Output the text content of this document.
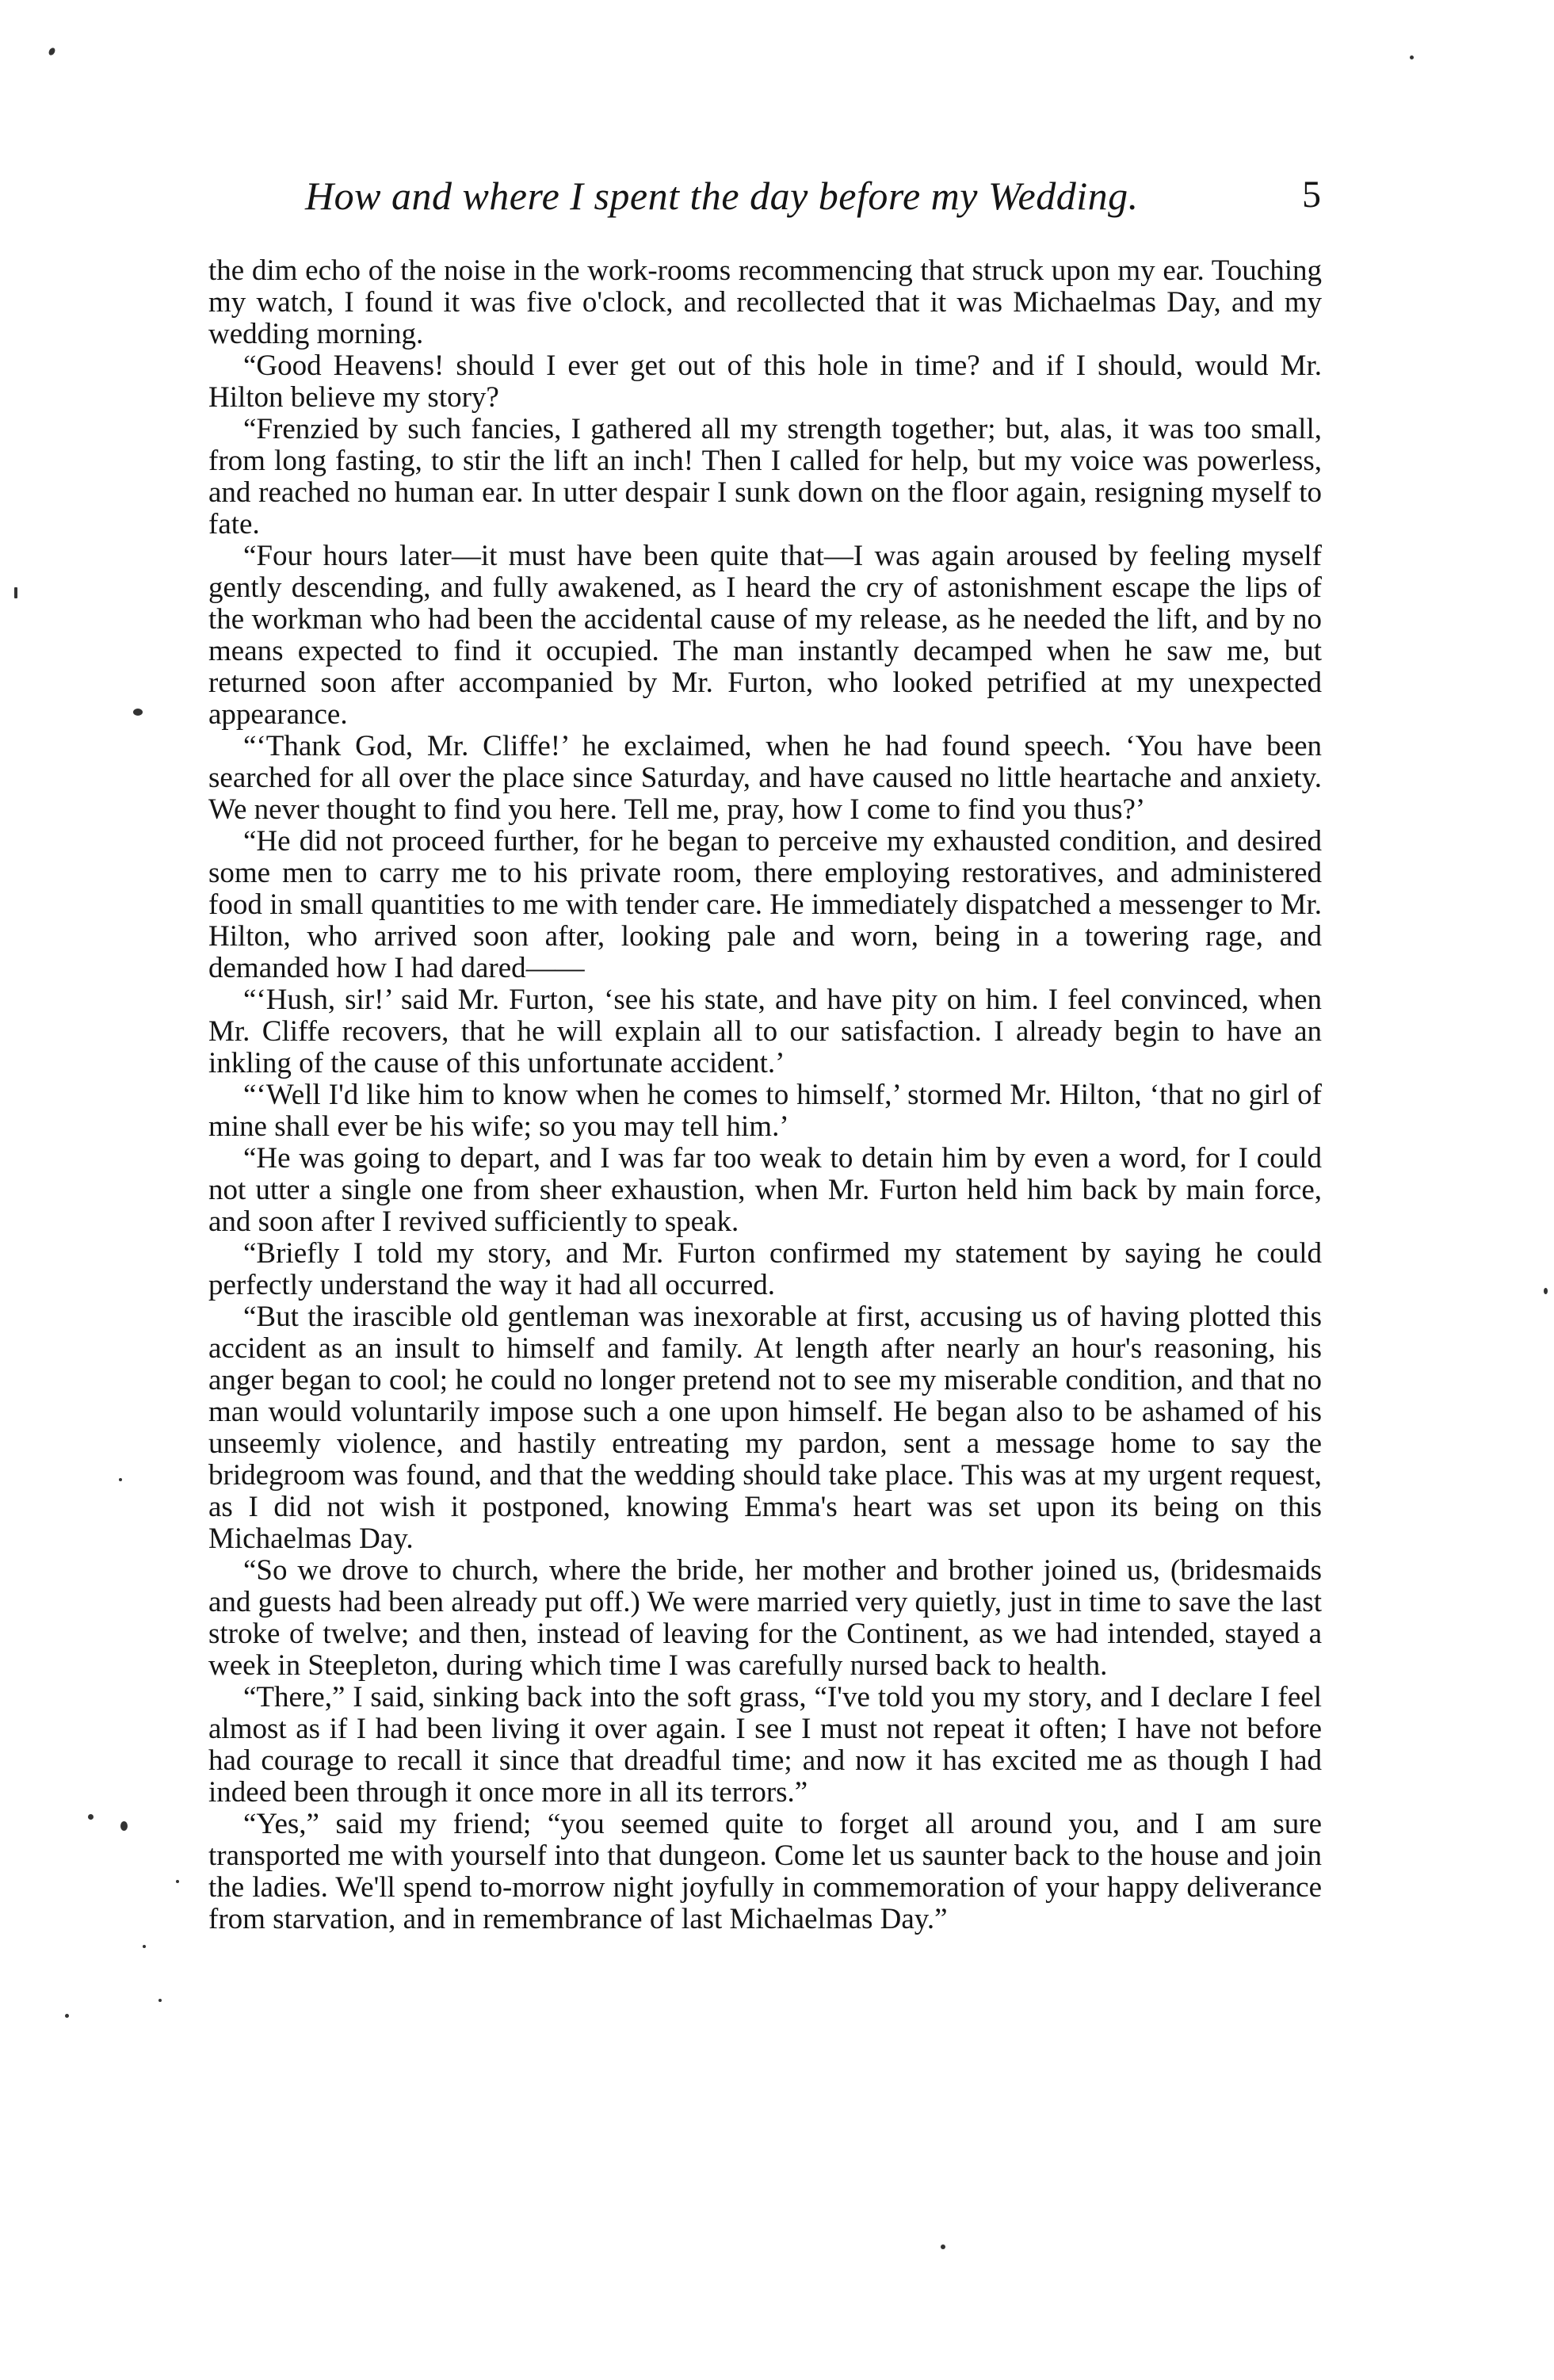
How and where I spent the day before my Wedding.	5

the dim echo of the noise in the work-rooms recommencing that struck upon my ear. Touching my watch, I found it was five o'clock, and recollected that it was Michaelmas Day, and my wedding morning.

“Good Heavens! should I ever get out of this hole in time? and if I should, would Mr. Hilton believe my story?

“Frenzied by such fancies, I gathered all my strength together; but, alas, it was too small, from long fasting, to stir the lift an inch! Then I called for help, but my voice was powerless, and reached no human ear. In utter despair I sunk down on the floor again, resigning myself to fate.

“Four hours later—it must have been quite that—I was again aroused by feeling myself gently descending, and fully awakened, as I heard the cry of astonishment escape the lips of the workman who had been the accidental cause of my release, as he needed the lift, and by no means expected to find it occupied. The man instantly decamped when he saw me, but returned soon after accompanied by Mr. Furton, who looked petrified at my unexpected appearance.

“‘Thank God, Mr. Cliffe!’ he exclaimed, when he had found speech. ‘You have been searched for all over the place since Saturday, and have caused no little heartache and anxiety. We never thought to find you here. Tell me, pray, how I come to find you thus?’

“He did not proceed further, for he began to perceive my exhausted condition, and desired some men to carry me to his private room, there employing restoratives, and administered food in small quantities to me with tender care. He immediately dispatched a messenger to Mr. Hilton, who arrived soon after, looking pale and worn, being in a towering rage, and demanded how I had dared——

“‘Hush, sir!’ said Mr. Furton, ‘see his state, and have pity on him. I feel convinced, when Mr. Cliffe recovers, that he will explain all to our satisfaction. I already begin to have an inkling of the cause of this unfortunate accident.’

“‘Well I'd like him to know when he comes to himself,’ stormed Mr. Hilton, ‘that no girl of mine shall ever be his wife; so you may tell him.’

“He was going to depart, and I was far too weak to detain him by even a word, for I could not utter a single one from sheer exhaustion, when Mr. Furton held him back by main force, and soon after I revived sufficiently to speak.

“Briefly I told my story, and Mr. Furton confirmed my statement by saying he could perfectly understand the way it had all occurred.

“But the irascible old gentleman was inexorable at first, accusing us of having plotted this accident as an insult to himself and family. At length after nearly an hour's reasoning, his anger began to cool; he could no longer pretend not to see my miserable condition, and that no man would voluntarily impose such a one upon himself. He began also to be ashamed of his unseemly violence, and hastily entreating my pardon, sent a message home to say the bridegroom was found, and that the wedding should take place. This was at my urgent request, as I did not wish it postponed, knowing Emma's heart was set upon its being on this Michaelmas Day.

“So we drove to church, where the bride, her mother and brother joined us, (bridesmaids and guests had been already put off.) We were married very quietly, just in time to save the last stroke of twelve; and then, instead of leaving for the Continent, as we had intended, stayed a week in Steepleton, during which time I was carefully nursed back to health.

“There,” I said, sinking back into the soft grass, “I've told you my story, and I declare I feel almost as if I had been living it over again. I see I must not repeat it often; I have not before had courage to recall it since that dreadful time; and now it has excited me as though I had indeed been through it once more in all its terrors.”

“Yes,” said my friend; “you seemed quite to forget all around you, and I am sure transported me with yourself into that dungeon. Come let us saunter back to the house and join the ladies. We'll spend to-morrow night joyfully in commemoration of your happy deliverance from starvation, and in remembrance of last Michaelmas Day.”
